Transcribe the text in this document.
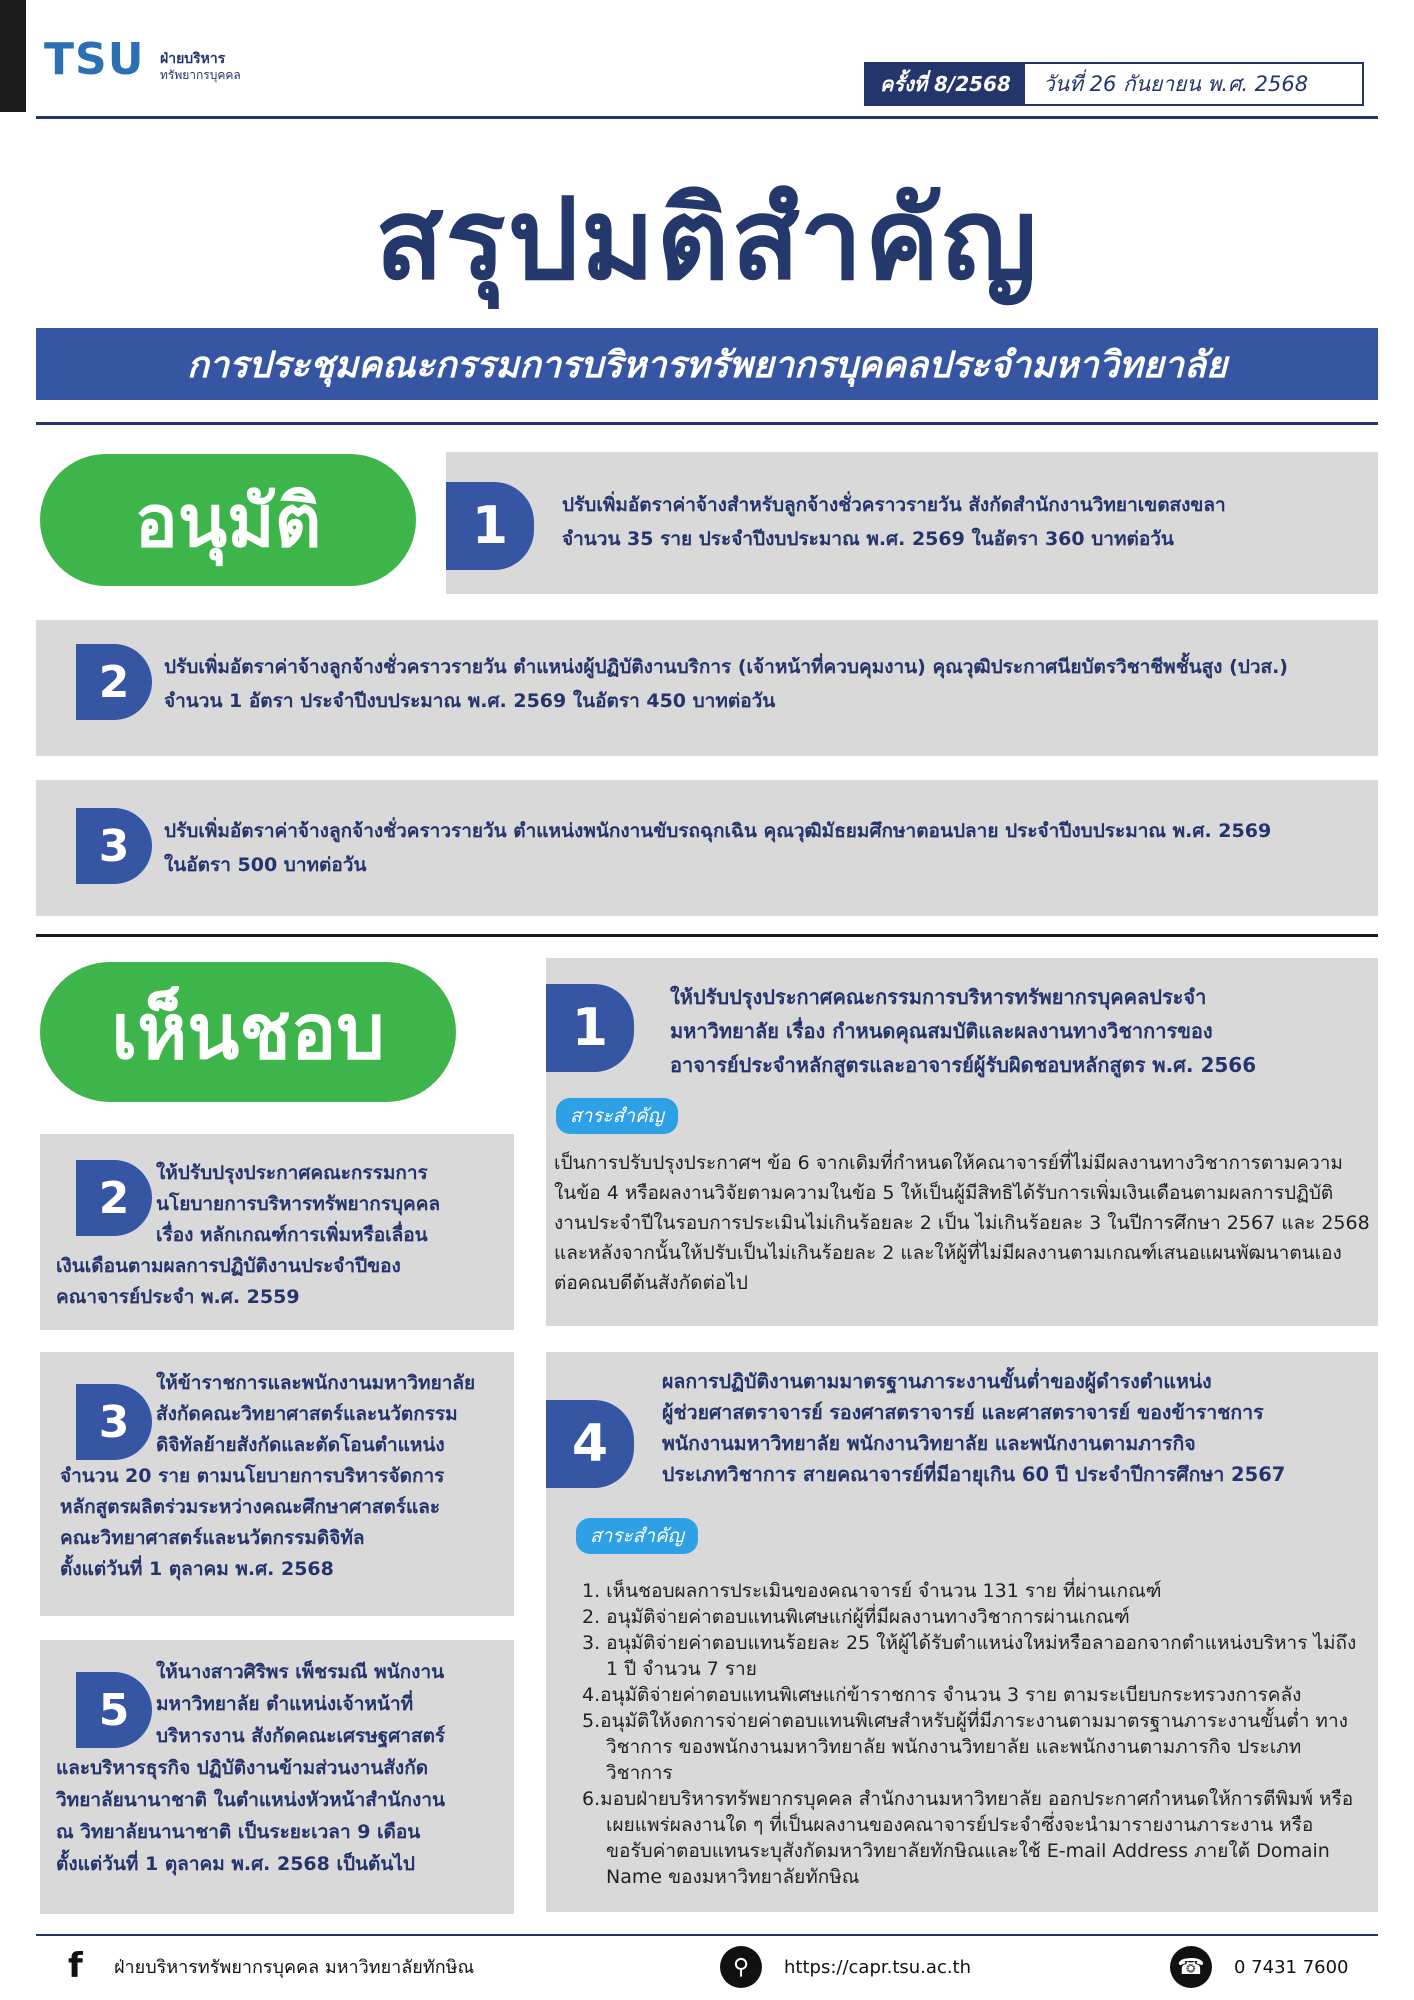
TSU ฝ่ายบริหาร
ทรัพยากรบุคคล	ครั้งที่ 8/2568	วันที่ 26 กันยายน พ.ศ. 2568
สรุปมติสำคัญ
การประชุมคณะกรรมการบริหารทรัพยากรบุคคลประจำมหาวิทยาลัย
อนุมัติ	1	ปรับเพิ่มอัตราค่าจ้างสำหรับลูกจ้างชั่วคราวรายวัน สังกัดสำนักงานวิทยาเขตสงขลา
จำนวน 35 ราย ประจำปีงบประมาณ พ.ศ. 2569 ในอัตรา 360 บาทต่อวัน
2	ปรับเพิ่มอัตราค่าจ้างลูกจ้างชั่วคราวรายวัน ตำแหน่งผู้ปฏิบัติงานบริการ (เจ้าหน้าที่ควบคุมงาน) คุณวุฒิประกาศนียบัตรวิชาชีพชั้นสูง (ปวส.)
จำนวน 1 อัตรา ประจำปีงบประมาณ พ.ศ. 2569 ในอัตรา 450 บาทต่อวัน
3	ปรับเพิ่มอัตราค่าจ้างลูกจ้างชั่วคราวรายวัน ตำแหน่งพนักงานขับรถฉุกเฉิน คุณวุฒิมัธยมศึกษาตอนปลาย ประจำปีงบประมาณ พ.ศ. 2569
ในอัตรา 500 บาทต่อวัน
เห็นชอบ	1
ให้ปรับปรุงประกาศคณะกรรมการบริหารทรัพยากรบุคคลประจำ
มหาวิทยาลัย เรื่อง กำหนดคุณสมบัติและผลงานทางวิชาการของ
อาจารย์ประจำหลักสูตรและอาจารย์ผู้รับผิดชอบหลักสูตร พ.ศ. 2566
สาระสำคัญ
เป็นการปรับปรุงประกาศฯ ข้อ 6 จากเดิมที่กำหนดให้คณาจารย์ที่ไม่มีผลงานทางวิชาการตามความ
ในข้อ 4 หรือผลงานวิจัยตามความในข้อ 5 ให้เป็นผู้มีสิทธิได้รับการเพิ่มเงินเดือนตามผลการปฏิบัติ
งานประจำปีในรอบการประเมินไม่เกินร้อยละ 2 เป็น ไม่เกินร้อยละ 3 ในปีการศึกษา 2567 และ 2568
และหลังจากนั้นให้ปรับเป็นไม่เกินร้อยละ 2 และให้ผู้ที่ไม่มีผลงานตามเกณฑ์เสนอแผนพัฒนาตนเอง
ต่อคณบดีต้นสังกัดต่อไป
2	ให้ปรับปรุงประกาศคณะกรรมการ
นโยบายการบริหารทรัพยากรบุคคล
เรื่อง หลักเกณฑ์การเพิ่มหรือเลื่อน
เงินเดือนตามผลการปฏิบัติงานประจำปีของ
คณาจารย์ประจำ พ.ศ. 2559
3
ให้ข้าราชการและพนักงานมหาวิทยาลัย
สังกัดคณะวิทยาศาสตร์และนวัตกรรม
ดิจิทัลย้ายสังกัดและตัดโอนตำแหน่ง
จำนวน 20 ราย ตามนโยบายการบริหารจัดการ
หลักสูตรผลิตร่วมระหว่างคณะศึกษาศาสตร์และ
คณะวิทยาศาสตร์และนวัตกรรมดิจิทัล
ตั้งแต่วันที่ 1 ตุลาคม พ.ศ. 2568
4
ผลการปฏิบัติงานตามมาตรฐานภาระงานขั้นต่ำของผู้ดำรงตำแหน่ง
ผู้ช่วยศาสตราจารย์ รองศาสตราจารย์ และศาสตราจารย์ ของข้าราชการ
พนักงานมหาวิทยาลัย พนักงานวิทยาลัย และพนักงานตามภารกิจ
ประเภทวิชาการ สายคณาจารย์ที่มีอายุเกิน 60 ปี ประจำปีการศึกษา 2567
สาระสำคัญ
1. เห็นชอบผลการประเมินของคณาจารย์ จำนวน 131 ราย ที่ผ่านเกณฑ์
2. อนุมัติจ่ายค่าตอบแทนพิเศษแก่ผู้ที่มีผลงานทางวิชาการผ่านเกณฑ์
3. อนุมัติจ่ายค่าตอบแทนร้อยละ 25 ให้ผู้ได้รับตำแหน่งใหม่หรือลาออกจากตำแหน่งบริหาร ไม่ถึง 1 ปี จำนวน 7 ราย
4.อนุมัติจ่ายค่าตอบแทนพิเศษแก่ข้าราชการ จำนวน 3 ราย ตามระเบียบกระทรวงการคลัง
5.อนุมัติให้งดการจ่ายค่าตอบแทนพิเศษสำหรับผู้ที่มีภาระงานตามมาตรฐานภาระงานขั้นต่ำ ทางวิชาการ ของพนักงานมหาวิทยาลัย พนักงานวิทยาลัย และพนักงานตามภารกิจ ประเภทวิชาการ
6.มอบฝ่ายบริหารทรัพยากรบุคคล สำนักงานมหาวิทยาลัย ออกประกาศกำหนดให้การตีพิมพ์ หรือเผยแพร่ผลงานใด ๆ ที่เป็นผลงานของคณาจารย์ประจำซึ่งจะนำมารายงานภาระงาน หรือ ขอรับค่าตอบแทนระบุสังกัดมหาวิทยาลัยทักษิณและใช้ E-mail Address ภายใต้ Domain Name ของมหาวิทยาลัยทักษิณ
5
ให้นางสาวศิริพร เพ็ชรมณี พนักงาน
มหาวิทยาลัย ตำแหน่งเจ้าหน้าที่
บริหารงาน สังกัดคณะเศรษฐศาสตร์
และบริหารธุรกิจ ปฏิบัติงานข้ามส่วนงานสังกัด
วิทยาลัยนานาชาติ ในตำแหน่งหัวหน้าสำนักงาน
ณ วิทยาลัยนานาชาติ เป็นระยะเวลา 9 เดือน
ตั้งแต่วันที่ 1 ตุลาคม พ.ศ. 2568 เป็นต้นไป
f	ฝ่ายบริหารทรัพยากรบุคคล มหาวิทยาลัยทักษิณ	⚲	https://capr.tsu.ac.th	☎	0 7431 7600
